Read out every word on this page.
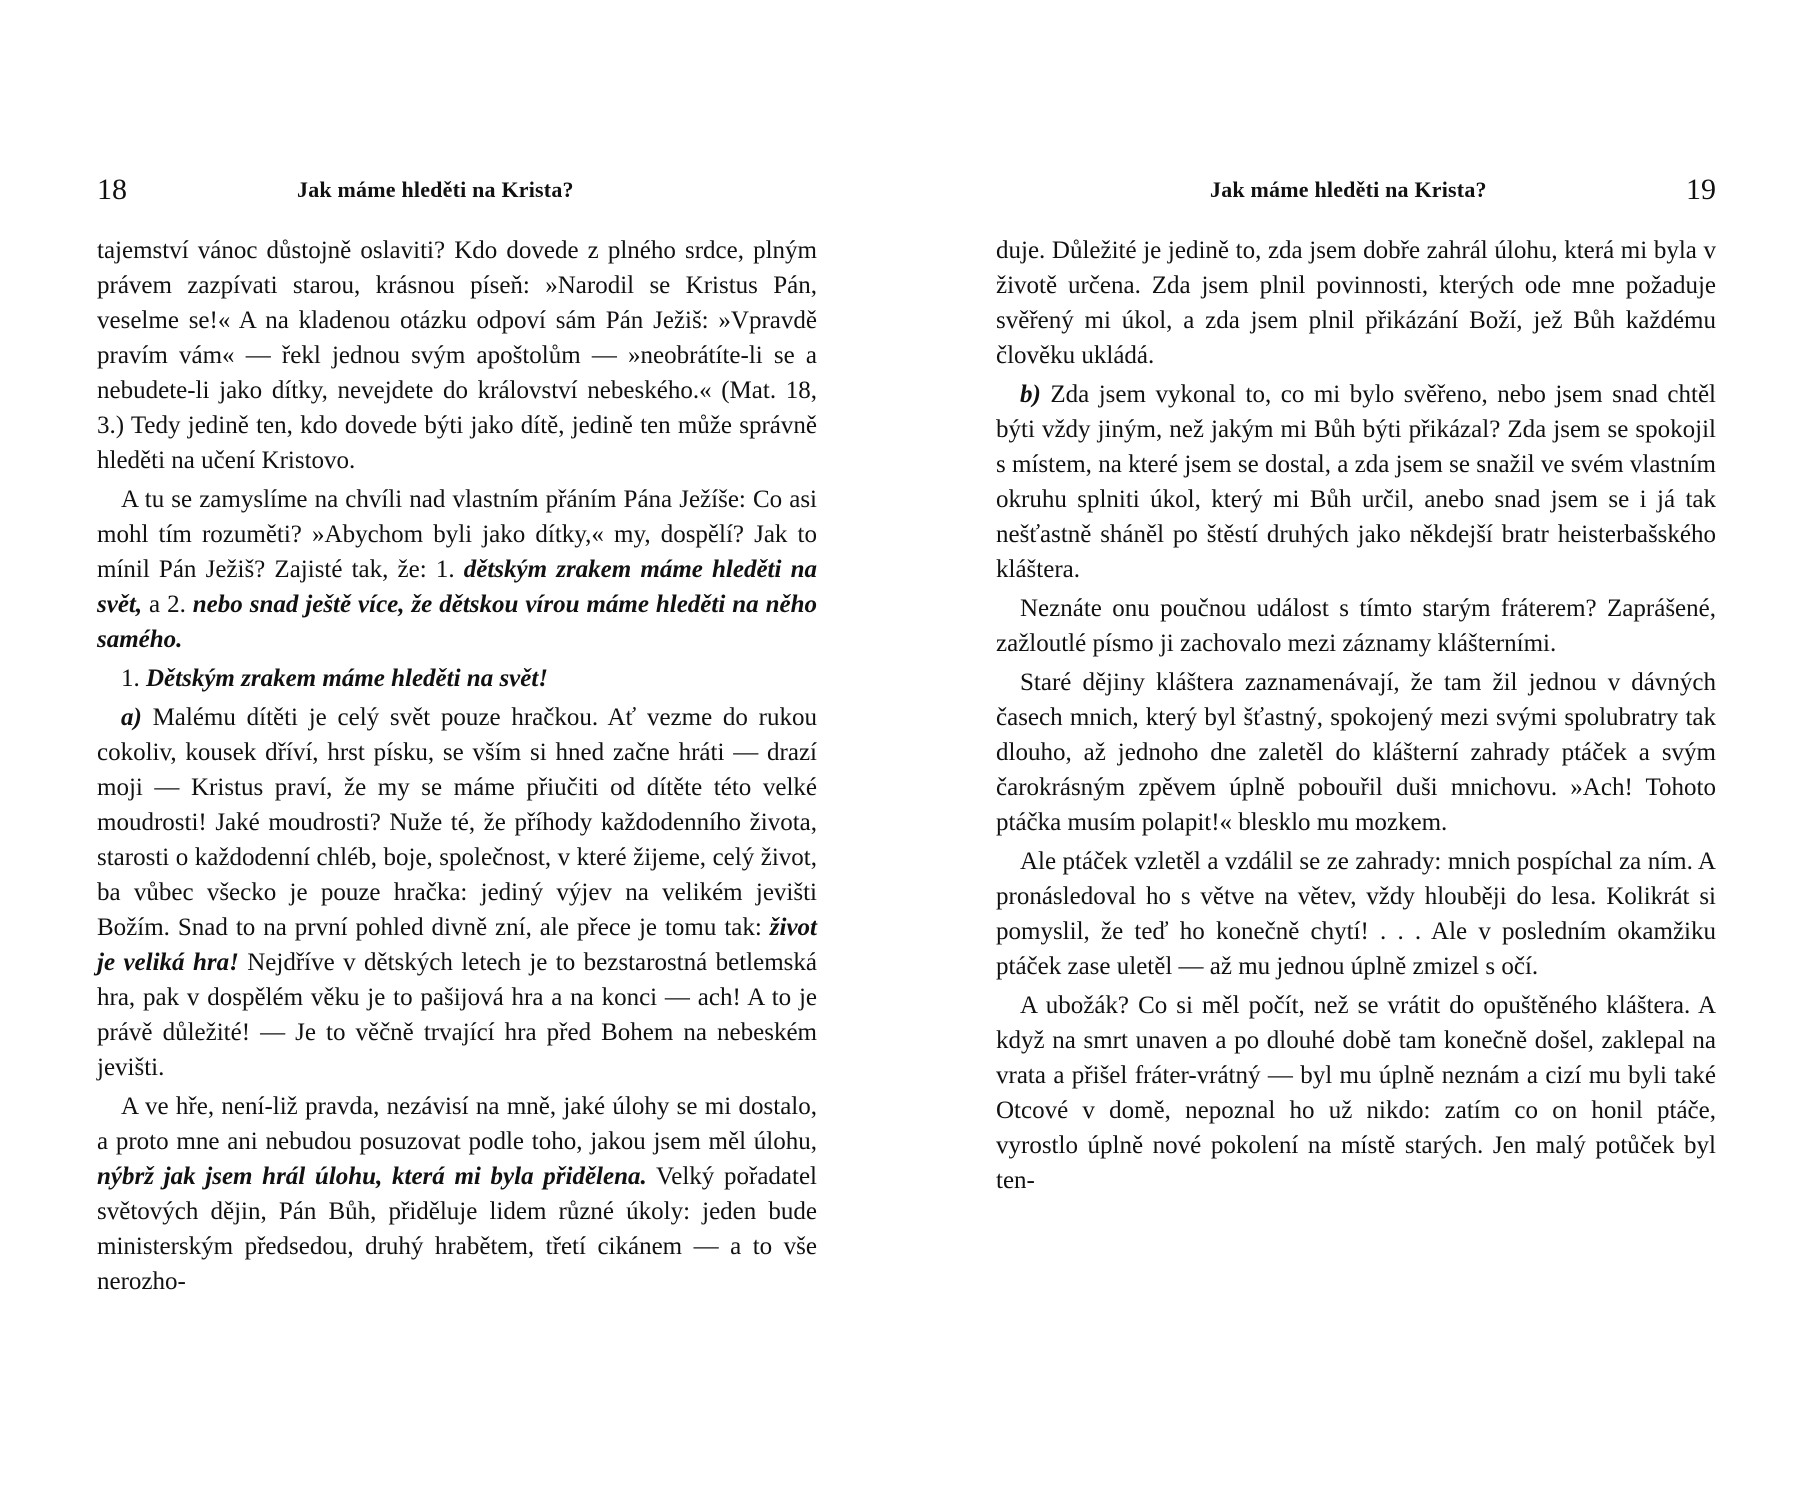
18	Jak máme hleděti na Krista?

tajemství vánoc důstojně oslaviti? Kdo dovede z plného srdce, plným právem zazpívati starou, krásnou píseň: »Narodil se Kristus Pán, veselme se!« A na kladenou otázku odpoví sám Pán Ježiš: »Vpravdě pravím vám« — řekl jednou svým apoštolům — »neobrátíte-li se a nebudete-li jako dítky, nevejdete do království nebeského.« (Mat. 18, 3.) Tedy jedině ten, kdo dovede býti jako dítě, jedině ten může správně hleděti na učení Kristovo.

A tu se zamyslíme na chvíli nad vlastním přáním Pána Ježíše: Co asi mohl tím rozuměti? »Abychom byli jako dítky,« my, dospělí? Jak to mínil Pán Ježiš? Zajisté tak, že: 1. dětským zrakem máme hleděti na svět, a 2. nebo snad ještě více, že dětskou vírou máme hleděti na něho samého.

1. Dětským zrakem máme hleděti na svět!

a) Malému dítěti je celý svět pouze hračkou. Ať vezme do rukou cokoliv, kousek dříví, hrst písku, se vším si hned začne hráti — drazí moji — Kristus praví, že my se máme přiučiti od dítěte této velké moudrosti! Jaké moudrosti? Nuže té, že příhody každodenního života, starosti o každodenní chléb, boje, společnost, v které žijeme, celý život, ba vůbec všecko je pouze hračka: jediný výjev na velikém jevišti Božím. Snad to na první pohled divně zní, ale přece je tomu tak: život je veliká hra! Nejdříve v dětských letech je to bezstarostná betlemská hra, pak v dospělém věku je to pašijová hra a na konci — ach! A to je právě důležité! — Je to věčně trvající hra před Bohem na nebeském jevišti.

A ve hře, není-liž pravda, nezávisí na mně, jaké úlohy se mi dostalo, a proto mne ani nebudou posuzovat podle toho, jakou jsem měl úlohu, nýbrž jak jsem hrál úlohu, která mi byla přidělena. Velký pořadatel světových dějin, Pán Bůh, přiděluje lidem různé úkoly: jeden bude ministerským předsedou, druhý hrabětem, třetí cikánem — a to vše nerozho-

Jak máme hleděti na Krista?	19

duje. Důležité je jedině to, zda jsem dobře zahrál úlohu, která mi byla v životě určena. Zda jsem plnil povinnosti, kterých ode mne požaduje svěřený mi úkol, a zda jsem plnil přikázání Boží, jež Bůh každému člověku ukládá.

b) Zda jsem vykonal to, co mi bylo svěřeno, nebo jsem snad chtěl býti vždy jiným, než jakým mi Bůh býti přikázal? Zda jsem se spokojil s místem, na které jsem se dostal, a zda jsem se snažil ve svém vlastním okruhu splniti úkol, který mi Bůh určil, anebo snad jsem se i já tak nešťastně sháněl po štěstí druhých jako někdejší bratr heisterbašského kláštera.

Neznáte onu poučnou událost s tímto starým fráterem? Zaprášené, zažloutlé písmo ji zachovalo mezi záznamy klášterními.

Staré dějiny kláštera zaznamenávají, že tam žil jednou v dávných časech mnich, který byl šťastný, spokojený mezi svými spolubratry tak dlouho, až jednoho dne zaletěl do klášterní zahrady ptáček a svým čarokrásným zpěvem úplně pobouřil duši mnichovu. »Ach! Tohoto ptáčka musím polapit!« blesklo mu mozkem.

Ale ptáček vzletěl a vzdálil se ze zahrady: mnich pospíchal za ním. A pronásledoval ho s větve na větev, vždy hlouběji do lesa. Kolikrát si pomyslil, že teď ho konečně chytí! . . . Ale v posledním okamžiku ptáček zase uletěl — až mu jednou úplně zmizel s očí.

A ubožák? Co si měl počít, než se vrátit do opuštěného kláštera. A když na smrt unaven a po dlouhé době tam konečně došel, zaklepal na vrata a přišel fráter-vrátný — byl mu úplně neznám a cizí mu byli také Otcové v domě, nepoznal ho už nikdo: zatím co on honil ptáče, vyrostlo úplně nové pokolení na místě starých. Jen malý potůček byl ten-
